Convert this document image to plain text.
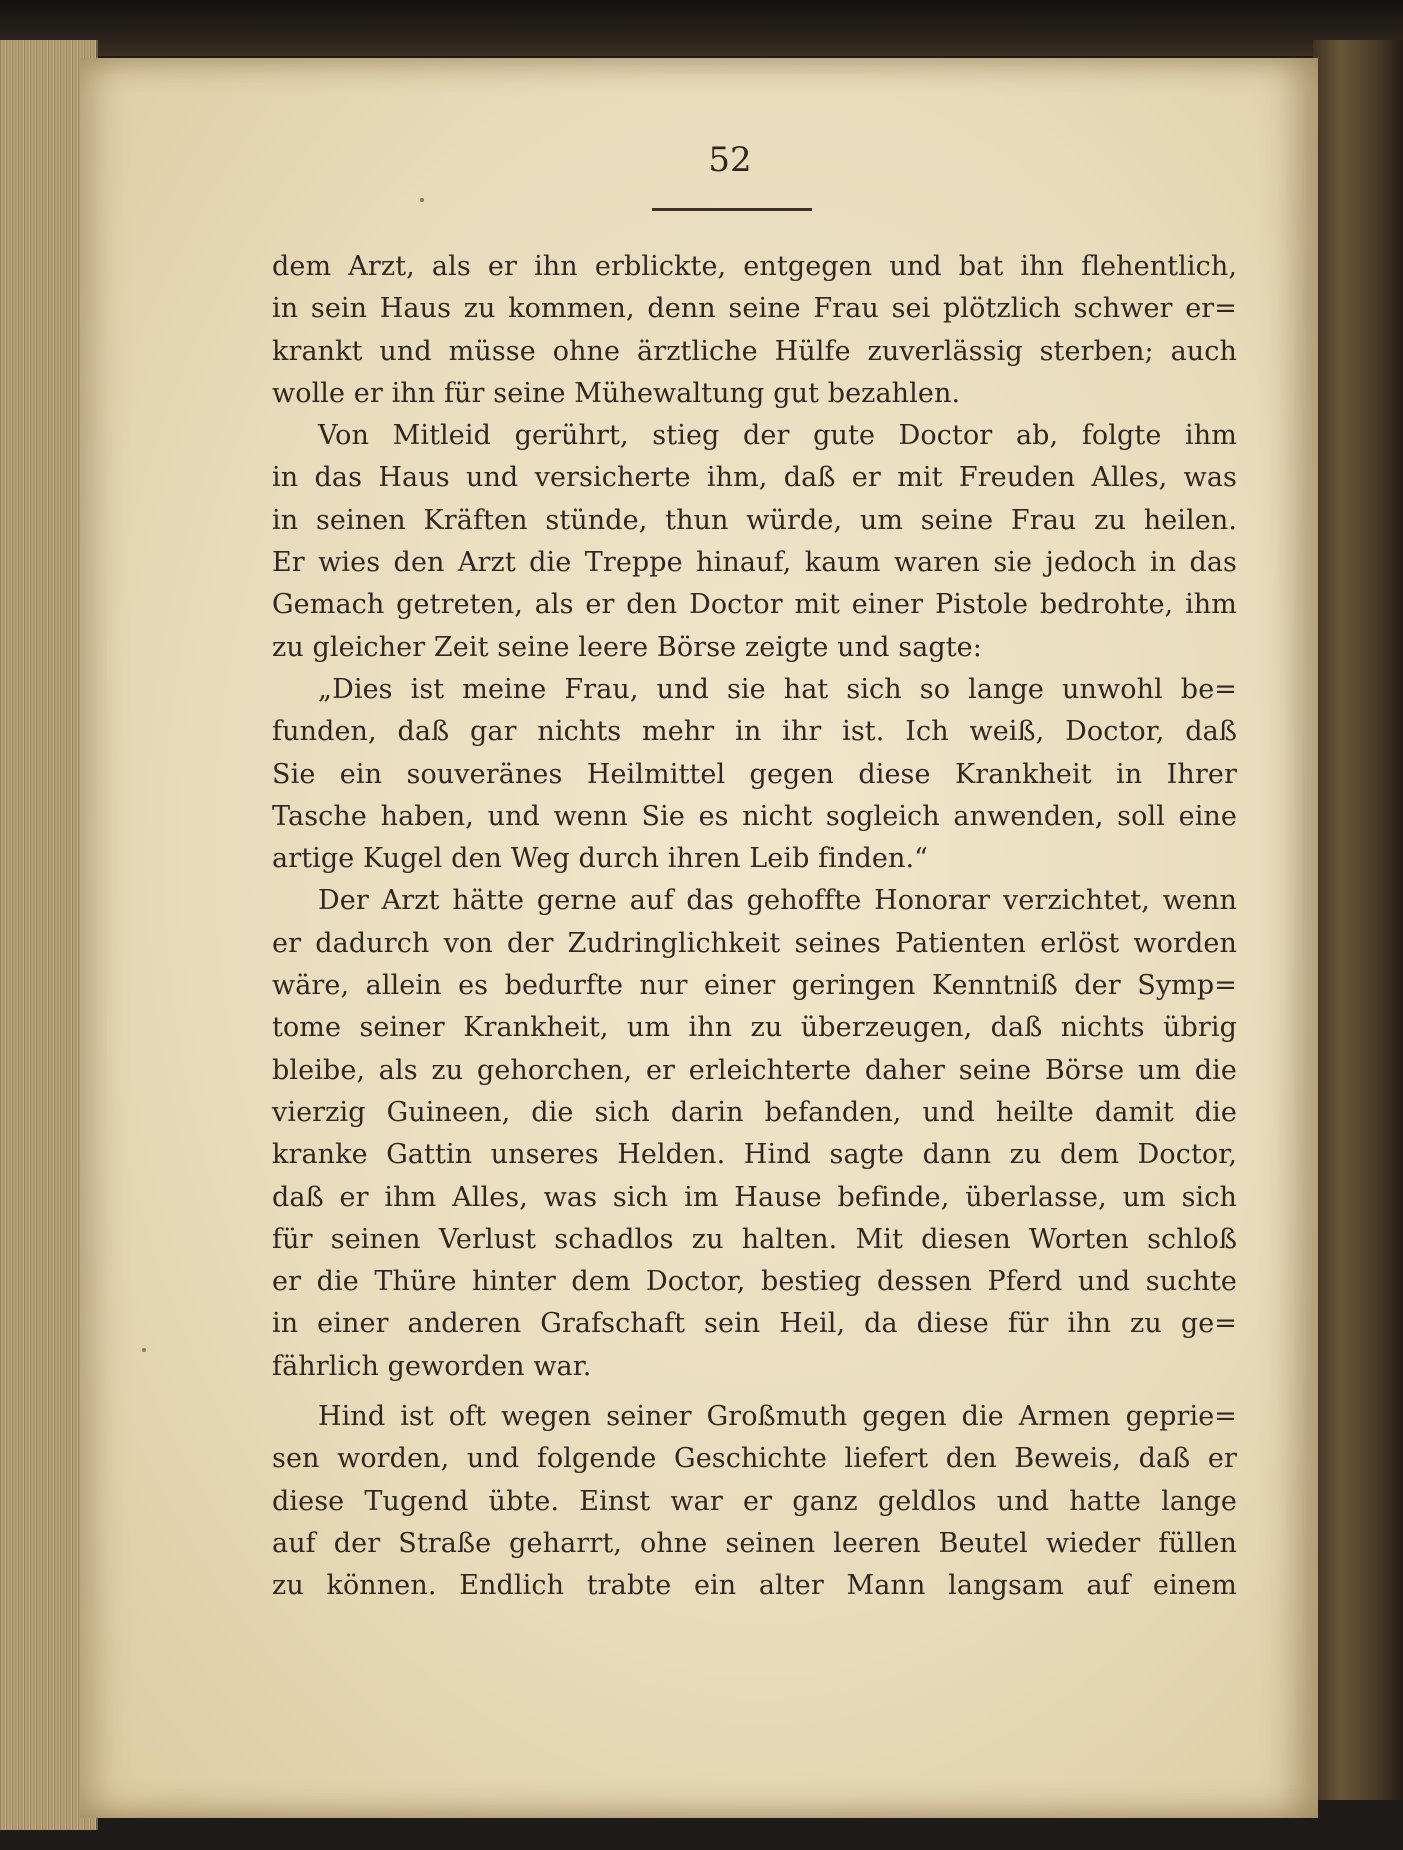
52
dem Arzt, als er ihn erblickte, entgegen und bat ihn flehentlich,
in sein Haus zu kommen, denn seine Frau sei plötzlich schwer er=
krankt und müsse ohne ärztliche Hülfe zuverlässig sterben; auch
wolle er ihn für seine Mühewaltung gut bezahlen.
Von Mitleid gerührt, stieg der gute Doctor ab, folgte ihm
in das Haus und versicherte ihm, daß er mit Freuden Alles, was
in seinen Kräften stünde, thun würde, um seine Frau zu heilen.
Er wies den Arzt die Treppe hinauf, kaum waren sie jedoch in das
Gemach getreten, als er den Doctor mit einer Pistole bedrohte, ihm
zu gleicher Zeit seine leere Börse zeigte und sagte:
„Dies ist meine Frau, und sie hat sich so lange unwohl be=
funden, daß gar nichts mehr in ihr ist. Ich weiß, Doctor, daß
Sie ein souveränes Heilmittel gegen diese Krankheit in Ihrer
Tasche haben, und wenn Sie es nicht sogleich anwenden, soll eine
artige Kugel den Weg durch ihren Leib finden.“
Der Arzt hätte gerne auf das gehoffte Honorar verzichtet, wenn
er dadurch von der Zudringlichkeit seines Patienten erlöst worden
wäre, allein es bedurfte nur einer geringen Kenntniß der Symp=
tome seiner Krankheit, um ihn zu überzeugen, daß nichts übrig
bleibe, als zu gehorchen, er erleichterte daher seine Börse um die
vierzig Guineen, die sich darin befanden, und heilte damit die
kranke Gattin unseres Helden. Hind sagte dann zu dem Doctor,
daß er ihm Alles, was sich im Hause befinde, überlasse, um sich
für seinen Verlust schadlos zu halten. Mit diesen Worten schloß
er die Thüre hinter dem Doctor, bestieg dessen Pferd und suchte
in einer anderen Grafschaft sein Heil, da diese für ihn zu ge=
fährlich geworden war.
Hind ist oft wegen seiner Großmuth gegen die Armen geprie=
sen worden, und folgende Geschichte liefert den Beweis, daß er
diese Tugend übte. Einst war er ganz geldlos und hatte lange
auf der Straße geharrt, ohne seinen leeren Beutel wieder füllen
zu können. Endlich trabte ein alter Mann langsam auf einem
